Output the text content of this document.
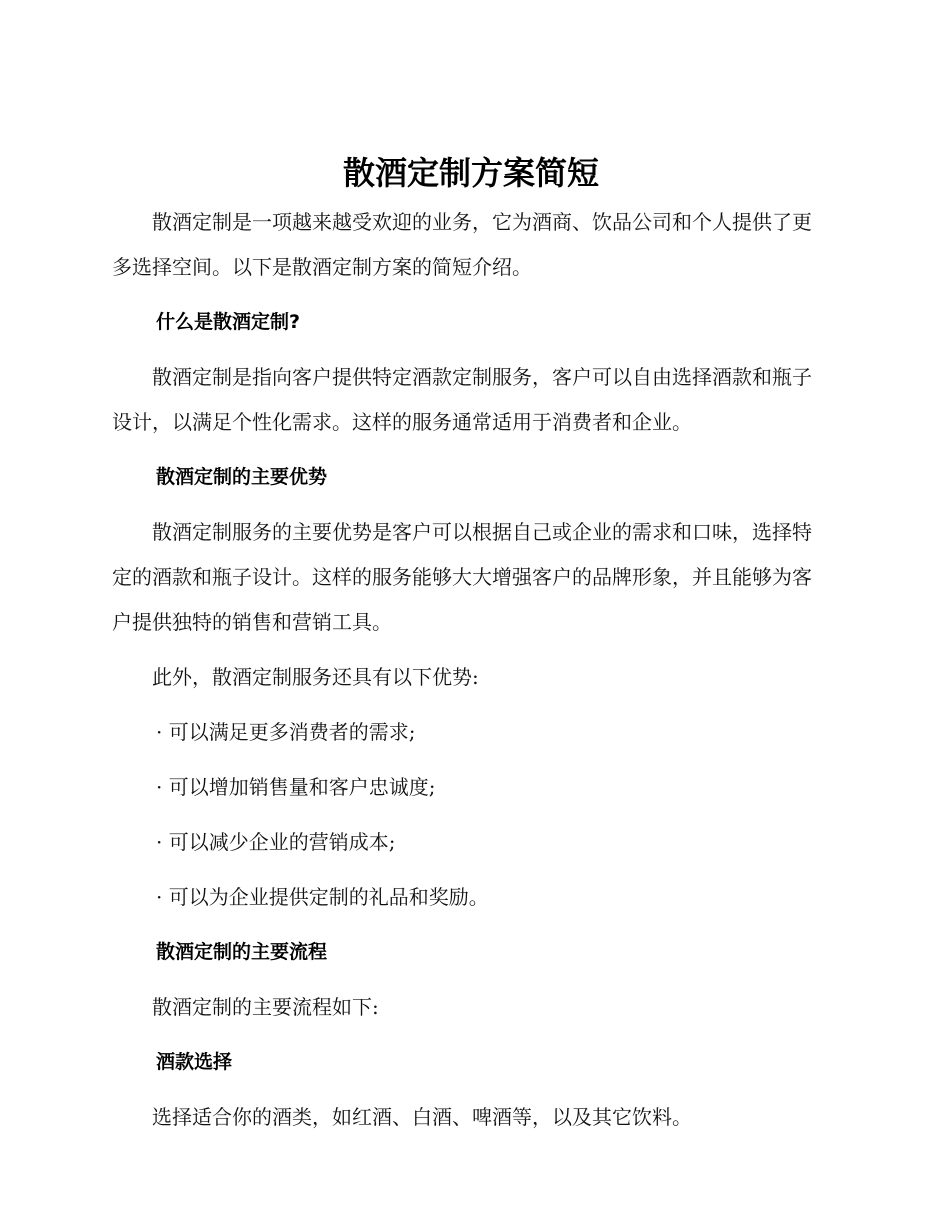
散酒定制方案简短

散酒定制是一项越来越受欢迎的业务，它为酒商、饮品公司和个人提供了更多选择空间。以下是散酒定制方案的简短介绍。

什么是散酒定制?

散酒定制是指向客户提供特定酒款定制服务，客户可以自由选择酒款和瓶子设计，以满足个性化需求。这样的服务通常适用于消费者和企业。

散酒定制的主要优势

散酒定制服务的主要优势是客户可以根据自己或企业的需求和口味，选择特定的酒款和瓶子设计。这样的服务能够大大增强客户的品牌形象，并且能够为客户提供独特的销售和营销工具。

此外，散酒定制服务还具有以下优势:

· 可以满足更多消费者的需求;
· 可以增加销售量和客户忠诚度;
· 可以减少企业的营销成本;
· 可以为企业提供定制的礼品和奖励。
散酒定制的主要流程

散酒定制的主要流程如下:

酒款选择

选择适合你的酒类，如红酒、白酒、啤酒等，以及其它饮料。
